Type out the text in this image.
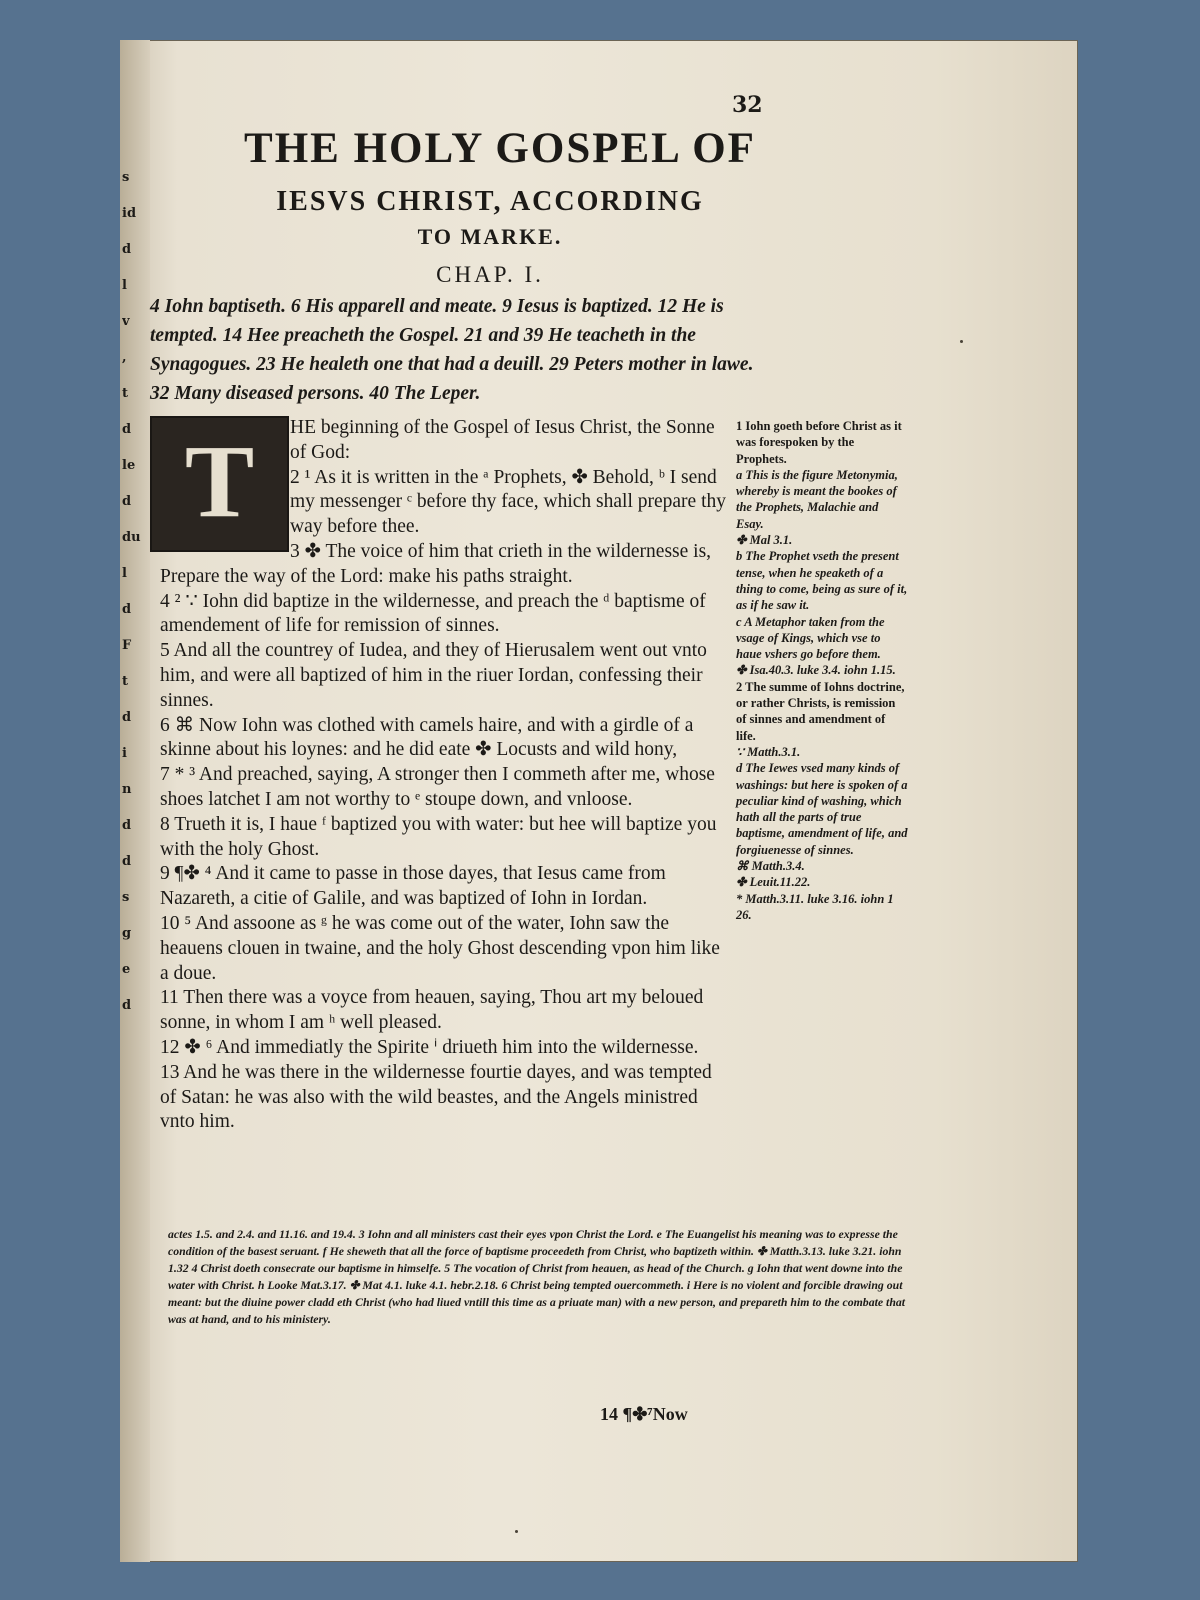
s
id
d
l
v
,
t
d
le
d
du
l
d
F
t
d
i
n
d
d
s
g
e
d
32
THE HOLY GOSPEL OF
IESVS CHRIST, ACCORDING
TO MARKE.
CHAP. I.
4 Iohn baptiseth. 6 His apparell and meate. 9 Iesus is baptized. 12 He is tempted. 14 Hee preacheth the Gospel. 21 and 39 He teacheth in the Synagogues. 23 He healeth one that had a deuill. 29 Peters mother in lawe. 32 Many diseased persons. 40 The Leper.
T	HE beginning of the Gospel of Iesus Christ, the Sonne of God:

2 ¹ As it is written in the ᵃ Prophets, ✤ Behold, ᵇ I send my messenger ᶜ before thy face, which shall prepare thy way before thee.

3 ✤ The voice of him that crieth in the wildernesse is, Prepare the way of the Lord: make his paths straight.

4 ² ∵ Iohn did baptize in the wildernesse, and preach the ᵈ baptisme of amendement of life for remission of sinnes.

5 And all the countrey of Iudea, and they of Hierusalem went out vnto him, and were all baptized of him in the riuer Iordan, confessing their sinnes.

6 ⌘ Now Iohn was clothed with camels haire, and with a girdle of a skinne about his loynes: and he did eate ✤ Locusts and wild hony,

7 * ³ And preached, saying, A stronger then I commeth after me, whose shoes latchet I am not worthy to ᵉ stoupe down, and vnloose.

8 Trueth it is, I haue ᶠ baptized you with water: but hee will baptize you with the holy Ghost.

9 ¶✤ ⁴ And it came to passe in those dayes, that Iesus came from Nazareth, a citie of Galile, and was baptized of Iohn in Iordan.

10 ⁵ And assoone as ᵍ he was come out of the water, Iohn saw the heauens clouen in twaine, and the holy Ghost descending vpon him like a doue.

11 Then there was a voyce from heauen, saying, Thou art my beloued sonne, in whom I am ʰ well pleased.

12 ✤ ⁶ And immediatly the Spirite ⁱ driueth him into the wildernesse.

13 And he was there in the wildernesse fourtie dayes, and was tempted of Satan: he was also with the wild beastes, and the Angels ministred vnto him.

1 Iohn goeth before Christ as it was forespoken by the Prophets.
a This is the figure Metonymia, whereby is meant the bookes of the Prophets, Malachie and Esay.
✤ Mal 3.1.
b The Prophet vseth the present tense, when he speaketh of a thing to come, being as sure of it, as if he saw it.
c A Metaphor taken from the vsage of Kings, which vse to haue vshers go before them.
✤ Isa.40.3. luke 3.4. iohn 1.15.
2 The summe of Iohns doctrine, or rather Christs, is remission of sinnes and amendment of life.
∵ Matth.3.1.
d The Iewes vsed many kinds of washings: but here is spoken of a peculiar kind of washing, which hath all the parts of true baptisme, amendment of life, and forgiuenesse of sinnes.
⌘ Matth.3.4.
✤ Leuit.11.22.
* Matth.3.11. luke 3.16. iohn 1 26.
actes 1.5. and 2.4. and 11.16. and 19.4. 3 Iohn and all ministers cast their eyes vpon Christ the Lord. e The Euangelist his meaning was to expresse the condition of the basest seruant. f He sheweth that all the force of baptisme proceedeth from Christ, who baptizeth within. ✤ Matth.3.13. luke 3.21. iohn 1.32 4 Christ doeth consecrate our baptisme in himselfe. 5 The vocation of Christ from heauen, as head of the Church. g Iohn that went downe into the water with Christ. h Looke Mat.3.17. ✤ Mat 4.1. luke 4.1. hebr.2.18. 6 Christ being tempted ouercommeth. i Here is no violent and forcible drawing out meant: but the diuine power cladd eth Christ (who had liued vntill this time as a priuate man) with a new person, and prepareth him to the combate that was at hand, and to his ministery.
14 ¶✤⁷Now
